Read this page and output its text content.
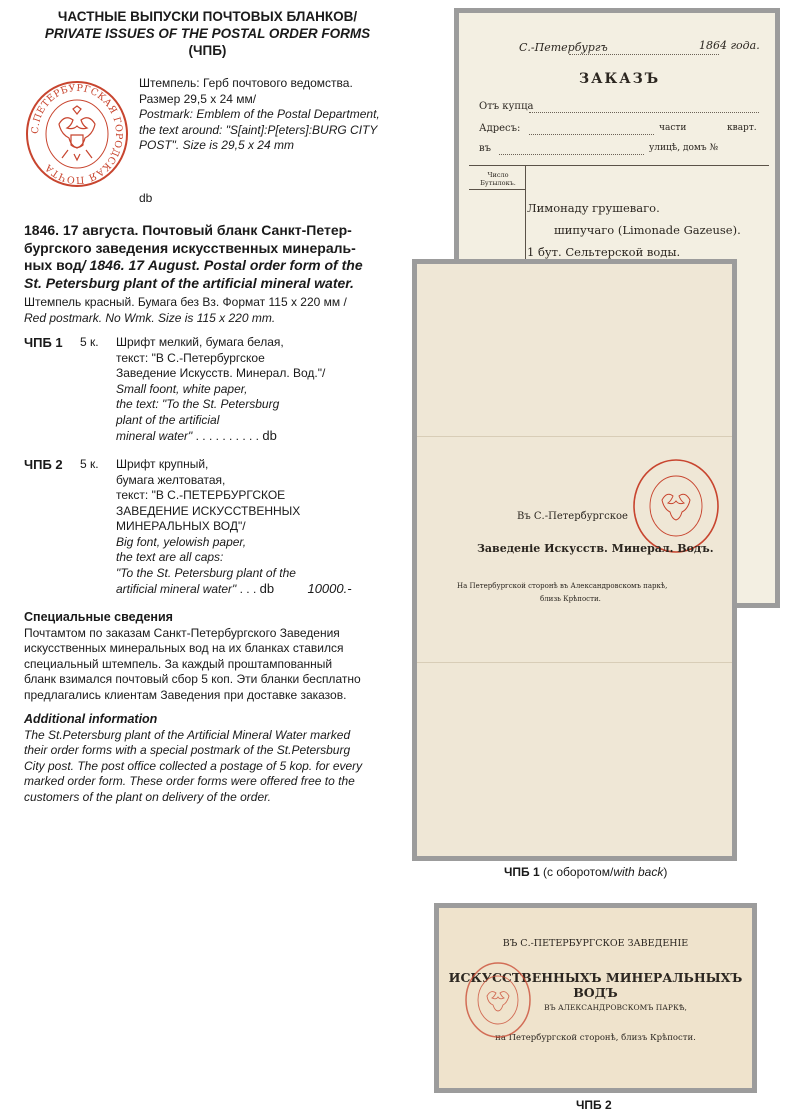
ЧАСТНЫЕ ВЫПУСКИ ПОЧТОВЫХ БЛАНКОВ/
PRIVATE ISSUES OF THE POSTAL ORDER FORMS
(ЧПБ)
С.ПЕТЕРБУРГСКАЯ ГОРОДСКАЯ ПОЧТА
Штемпель: Герб почтового ведомства.
Размер 29,5 х 24 мм/
Postmark: Emblem of the Postal Department,
the text around: "S[aint]:P[eters]:BURG CITY
POST". Size is 29,5 x 24 mm
db
1846. 17 августа. Почтовый бланк Санкт-Петер-
бургского заведения искусственных минераль-
ных вод/ 1846. 17 August. Postal order form of the
St. Petersburg plant of the artificial mineral water.
Штемпель красный. Бумага без Вз. Формат 115 х 220 мм /
Red postmark. No Wmk. Size is 115 x 220 mm.
ЧПБ 1 5 к. Шрифт мелкий, бумага белая,
текст: "В С.-Петербургское
Заведение Искусств. Минерал. Вод."/
Small foont, white paper,
the text: "To the St. Petersburg
plant of the artificial
mineral water" . . . . . . . . . . db
ЧПБ 2 5 к. Шрифт крупный,
бумага желтоватая,
текст: "В С.-ПЕТЕРБУРГСКОЕ
ЗАВЕДЕНИЕ ИСКУССТВЕННЫХ
МИНЕРАЛЬНЫХ ВОД"/
Big font, yelowish paper,
the text are all caps:
"To the St. Petersburg plant of the
artificial mineral water" . . . db	10000.-
Специальные сведения
Почтамтом по заказам Санкт-Петербургского Заведения
искусственных минеральных вод на их бланках ставился
специальный штемпель. За каждый проштампованный
бланк взимался почтовый сбор 5 коп. Эти бланки бесплатно
предлагались клиентам Заведения при доставке заказов.
Additional information
The St.Petersburg plant of the Artificial Mineral Water marked
their order forms with a special postmark of the St.Petersburg
City post. The post office collected a postage of 5 kop. for every
marked order form. These order forms were offered free to the
customers of the plant on delivery of the order.
С.-Петербургъ	1864 года.
ЗАКАЗЪ
Отъ купца
Адресъ:	части	кварт.
въ	улицѣ, домъ №
Число Бутылокъ.
Лимонаду грушеваго.
шипучаго (Limonade Gazeuse).
1 бут. Сельтерской воды.
Въ С.-Петербургское
Заведеніе Искусств. Минерал. Водъ.
На Петербургской сторонѣ въ Александровскомъ паркѣ,
близь Крѣпости.
ЧПБ 1 (с оборотом/with back)
ВЪ С.-ПЕТЕРБУРГСКОЕ ЗАВЕДЕНІЕ
ИСКУССТВЕННЫХЪ МИНЕРАЛЬНЫХЪ ВОДЪ
ВЪ АЛЕКСАНДРОВСКОМЪ ПАРКѢ,
на Петербургской сторонѣ, близъ Крѣпости.
ЧПБ 2
